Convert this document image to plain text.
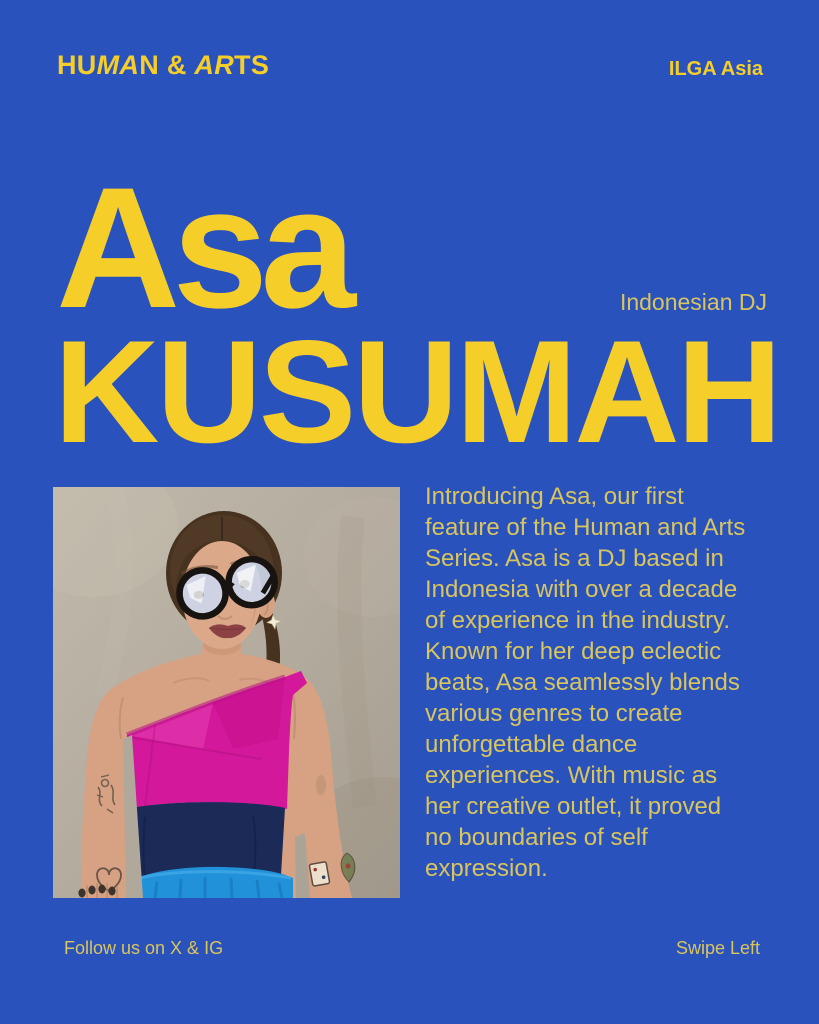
HUMAN & ARTS	ILGA Asia
Asa	Indonesian DJ
KUSUMAH
Introducing Asa, our first
feature of the Human and Arts
Series. Asa is a DJ based in
Indonesia with over a decade
of experience in the industry.
Known for her deep eclectic
beats, Asa seamlessly blends
various genres to create
unforgettable dance
experiences. With music as
her creative outlet, it proved
no boundaries of self
expression.
Follow us on X & IG	Swipe Left
